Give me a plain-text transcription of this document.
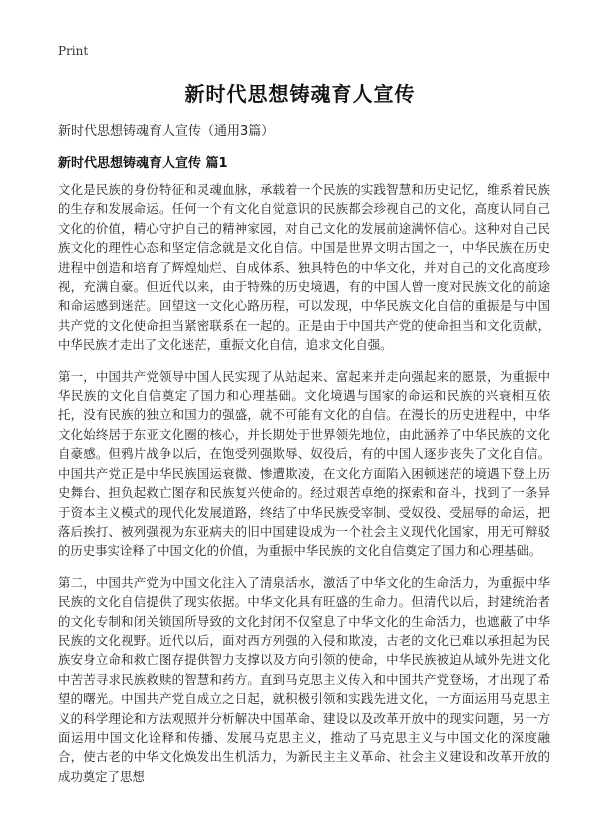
Print
新时代思想铸魂育人宣传
新时代思想铸魂育人宣传（通用3篇）
新时代思想铸魂育人宣传 篇1

文化是民族的身份特征和灵魂血脉，承载着一个民族的实践智慧和历史记忆，维系着民族的生存和发展命运。任何一个有文化自觉意识的民族都会珍视自己的文化，高度认同自己文化的价值，精心守护自己的精神家园，对自己文化的发展前途满怀信心。这种对自己民族文化的理性心态和坚定信念就是文化自信。中国是世界文明古国之一，中华民族在历史进程中创造和培育了辉煌灿烂、自成体系、独具特色的中华文化，并对自己的文化高度珍视，充满自豪。但近代以来，由于特殊的历史境遇，有的中国人曾一度对民族文化的前途和命运感到迷茫。回望这一文化心路历程，可以发现，中华民族文化自信的重振是与中国共产党的文化使命担当紧密联系在一起的。正是由于中国共产党的使命担当和文化贡献，中华民族才走出了文化迷茫，重振文化自信，追求文化自强。

第一，中国共产党领导中国人民实现了从站起来、富起来并走向强起来的愿景，为重振中华民族的文化自信奠定了国力和心理基础。文化境遇与国家的命运和民族的兴衰相互依托，没有民族的独立和国力的强盛，就不可能有文化的自信。在漫长的历史进程中，中华文化始终居于东亚文化圈的核心，并长期处于世界领先地位，由此涵养了中华民族的文化自豪感。但鸦片战争以后，在饱受列强欺辱、奴役后，有的中国人逐步丧失了文化自信。中国共产党正是中华民族国运衰微、惨遭欺凌，在文化方面陷入困顿迷茫的境遇下登上历史舞台、担负起救亡图存和民族复兴使命的。经过艰苦卓绝的探索和奋斗，找到了一条异于资本主义模式的现代化发展道路，终结了中华民族受宰制、受奴役、受屈辱的命运，把落后挨打、被列强视为东亚病夫的旧中国建设成为一个社会主义现代化国家，用无可辩驳的历史事实诠释了中国文化的价值，为重振中华民族的文化自信奠定了国力和心理基础。

第二，中国共产党为中国文化注入了清泉活水，激活了中华文化的生命活力，为重振中华民族的文化自信提供了现实依据。中华文化具有旺盛的生命力。但清代以后，封建统治者的文化专制和闭关锁国所导致的文化封闭不仅窒息了中华文化的生命活力，也遮蔽了中华民族的文化视野。近代以后，面对西方列强的入侵和欺凌，古老的文化已难以承担起为民族安身立命和救亡图存提供智力支撑以及方向引领的使命，中华民族被迫从域外先进文化中苦苦寻求民族救赎的智慧和药方。直到马克思主义传入和中国共产党登场，才出现了希望的曙光。中国共产党自成立之日起，就积极引领和实践先进文化，一方面运用马克思主义的科学理论和方法观照并分析解决中国革命、建设以及改革开放中的现实问题，另一方面运用中国文化诠释和传播、发展马克思主义，推动了马克思主义与中国文化的深度融合，使古老的中华文化焕发出生机活力，为新民主主义革命、社会主义建设和改革开放的成功奠定了思想
